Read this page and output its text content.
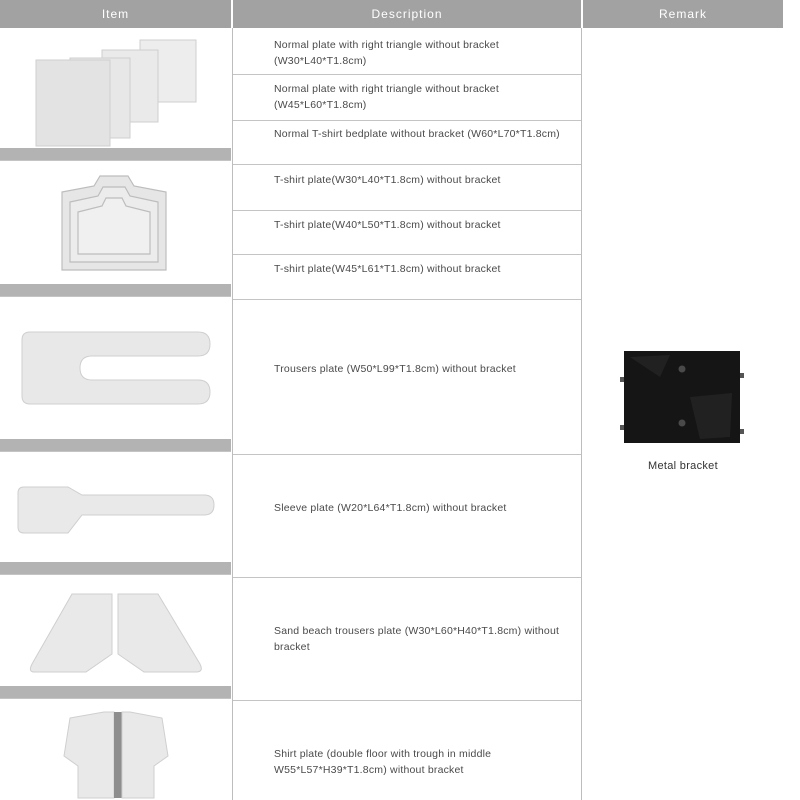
Item	Description	Remark
Normal plate with right triangle without bracket (W30*L40*T1.8cm)
Normal plate with right triangle without bracket (W45*L60*T1.8cm)
Normal T-shirt bedplate without bracket (W60*L70*T1.8cm)
T-shirt plate(W30*L40*T1.8cm) without bracket
T-shirt plate(W40*L50*T1.8cm) without bracket
T-shirt plate(W45*L61*T1.8cm) without bracket
Trousers plate (W50*L99*T1.8cm) without bracket
Sleeve plate (W20*L64*T1.8cm) without bracket
Sand beach trousers plate (W30*L60*H40*T1.8cm) without bracket
Shirt plate (double floor with trough in middle W55*L57*H39*T1.8cm) without bracket
Metal bracket
